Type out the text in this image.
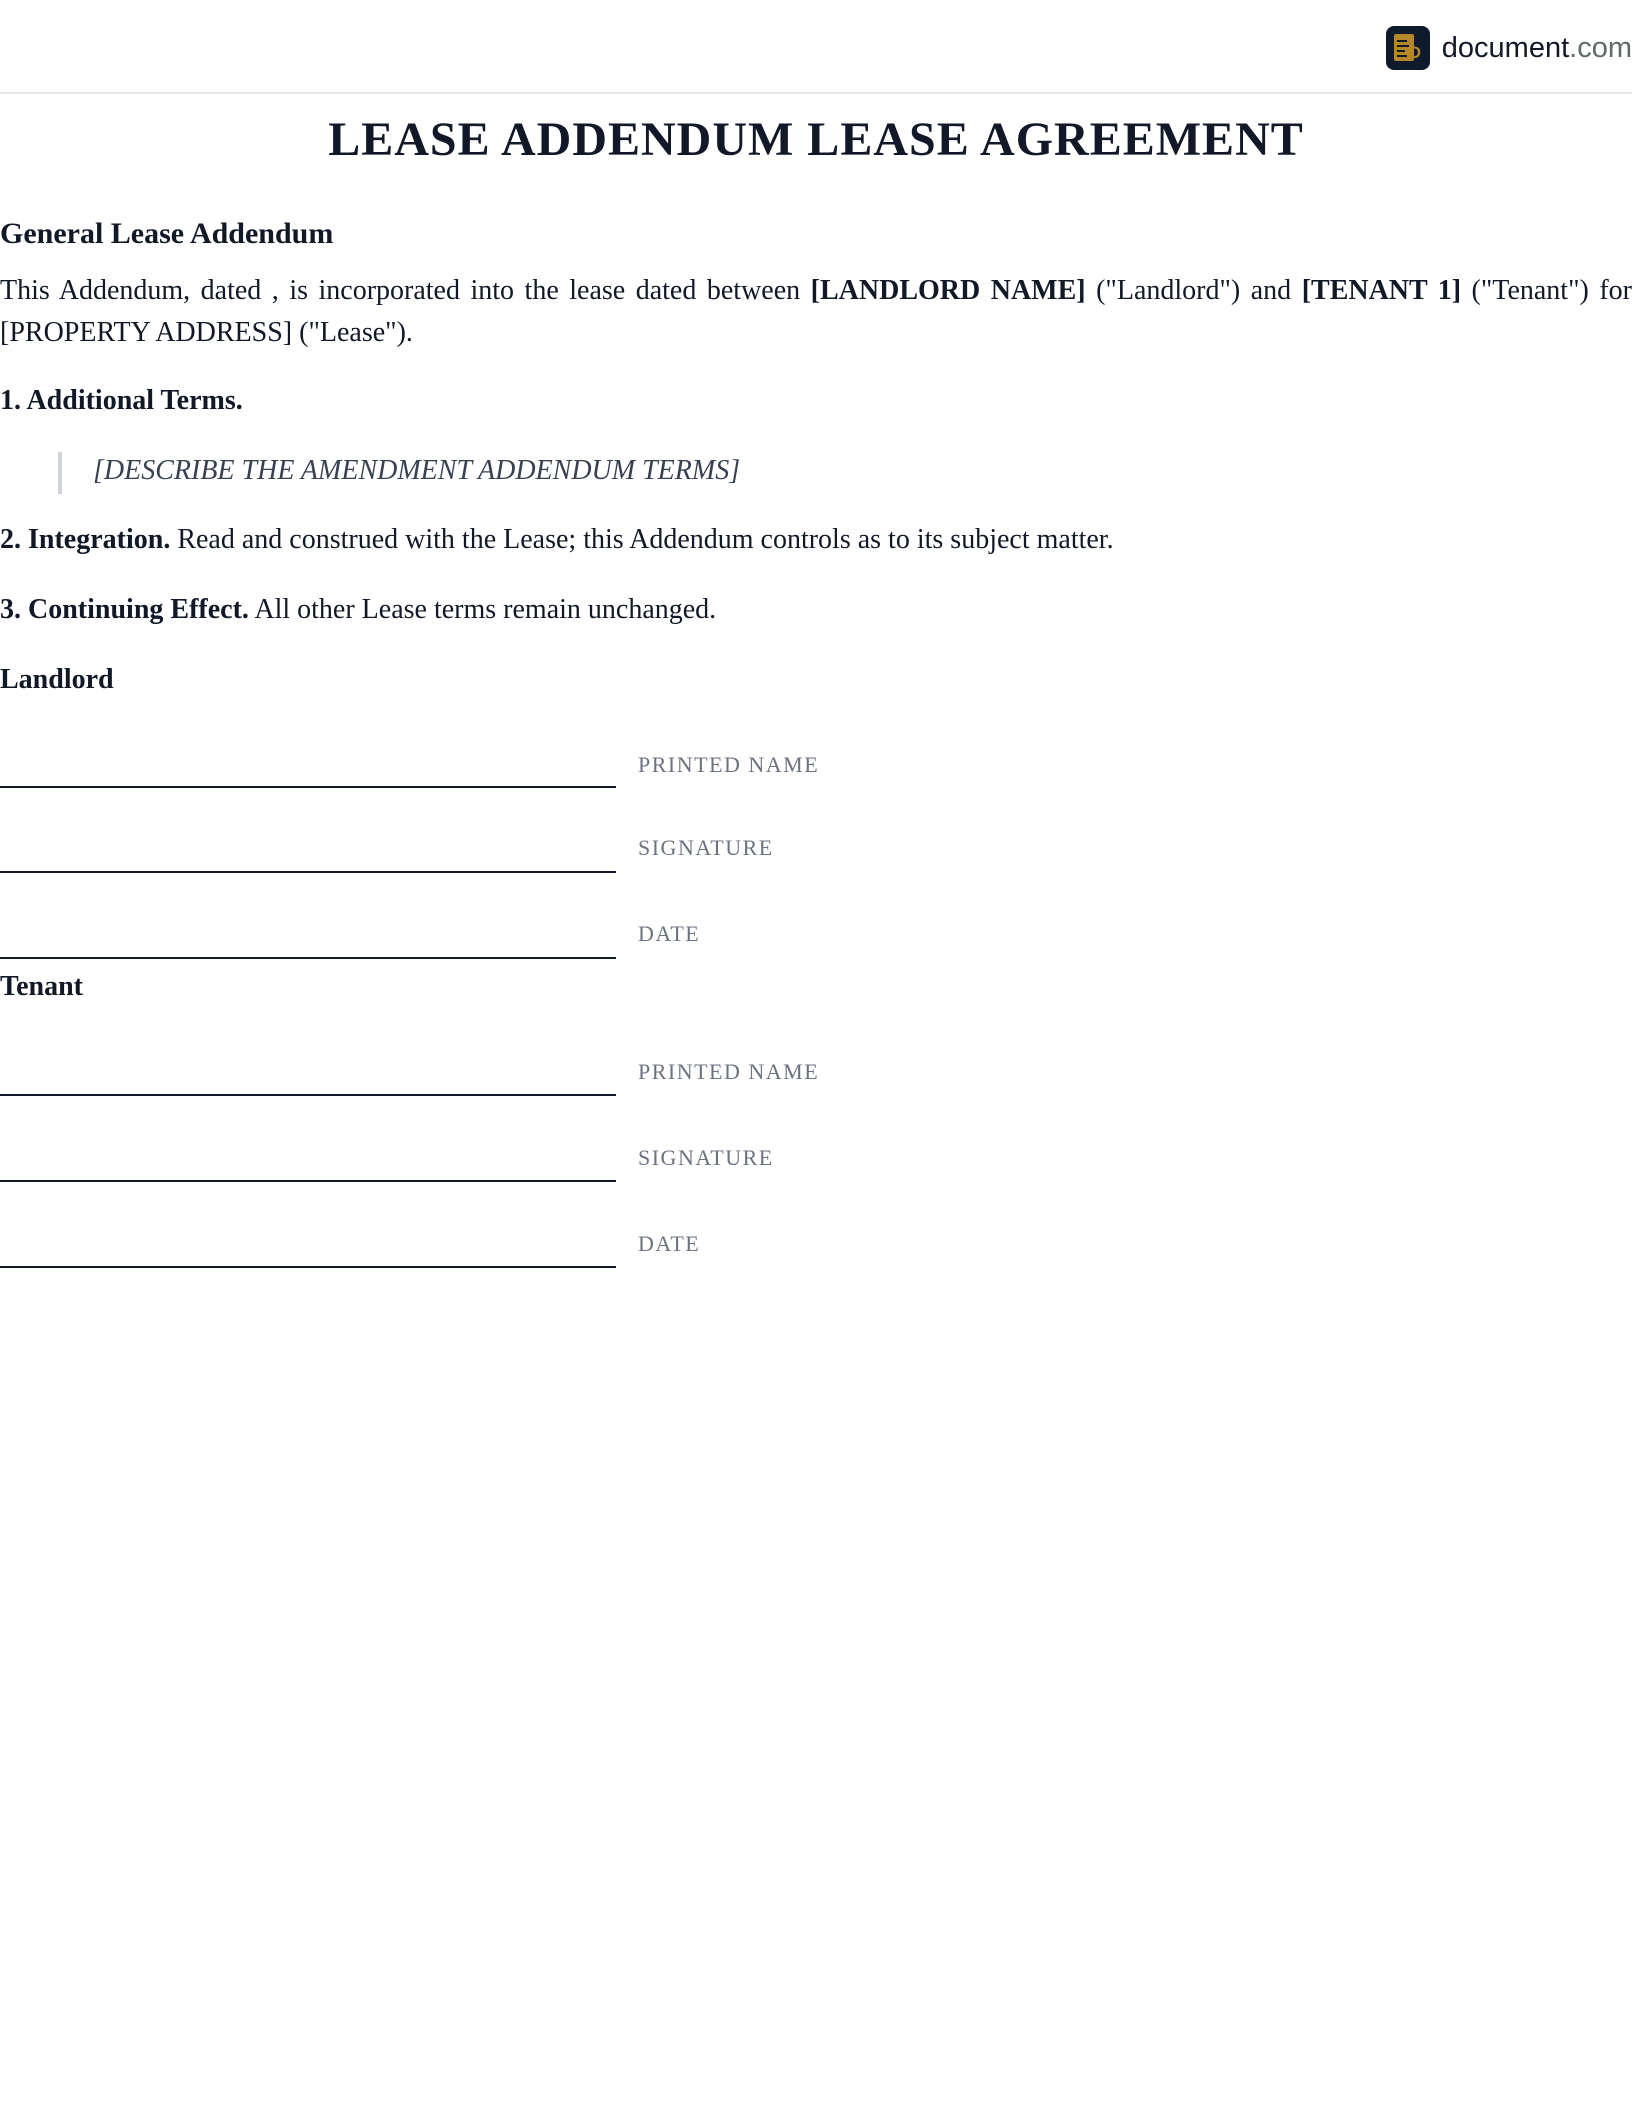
D document.com
LEASE ADDENDUM LEASE AGREEMENT
General Lease Addendum
This Addendum, dated , is incorporated into the lease dated between [LANDLORD NAME] ("Landlord") and [TENANT 1] ("Tenant") for [PROPERTY ADDRESS] ("Lease").
1. Additional Terms.
[DESCRIBE THE AMENDMENT ADDENDUM TERMS]
2. Integration. Read and construed with the Lease; this Addendum controls as to its subject matter.
3. Continuing Effect. All other Lease terms remain unchanged.
Landlord
PRINTED NAME
SIGNATURE
DATE
Tenant
PRINTED NAME
SIGNATURE
DATE
